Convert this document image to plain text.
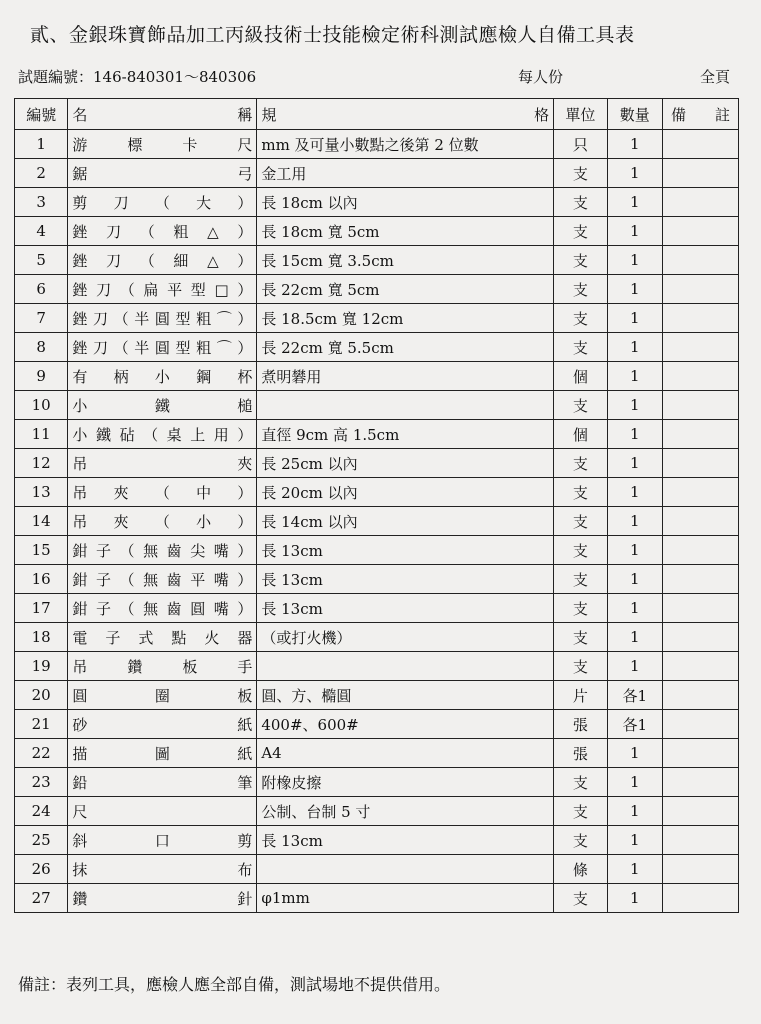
貳、金銀珠寶飾品加工丙級技術士技能檢定術科測試應檢人自備工具表
試題編號：146-840301～840306	每人份	全頁
編號	名 稱	規 格	單位	數量	備 註

1	游標卡尺	mm 及可量小數點之後第 2 位數	只	1	
2	鋸弓	金工用	支	1	
3	剪刀（大）	長 18cm 以內	支	1	
4	銼刀（粗△）	長 18cm 寬 5cm	支	1	
5	銼刀（細△）	長 15cm 寬 3.5cm	支	1	
6	銼刀（扁平型□）	長 22cm 寬 5cm	支	1	
7	銼刀（半圓型粗⌒）	長 18.5cm 寬 12cm	支	1	
8	銼刀（半圓型粗⌒）	長 22cm 寬 5.5cm	支	1	
9	有柄小鋼杯	煮明礬用	個	1	
10	小鐵槌		支	1	
11	小鐵砧（桌上用）	直徑 9cm 高 1.5cm	個	1	
12	吊夾	長 25cm 以內	支	1	
13	吊夾（中）	長 20cm 以內	支	1	
14	吊夾（小）	長 14cm 以內	支	1	
15	鉗子（無齒尖嘴）	長 13cm	支	1	
16	鉗子（無齒平嘴）	長 13cm	支	1	
17	鉗子（無齒圓嘴）	長 13cm	支	1	
18	電子式點火器	（或打火機）	支	1	
19	吊鑽板手		支	1	
20	圓圈板	圓、方、橢圓	片	各1	
21	砂紙	400#、600#	張	各1	
22	描圖紙	A4	張	1	
23	鉛筆	附橡皮擦	支	1	
24	尺	公制、台制 5 寸	支	1	
25	斜口剪	長 13cm	支	1	
26	抹布		條	1	
27	鑽針	φ1mm	支	1	
備註：表列工具，應檢人應全部自備，測試場地不提供借用。
